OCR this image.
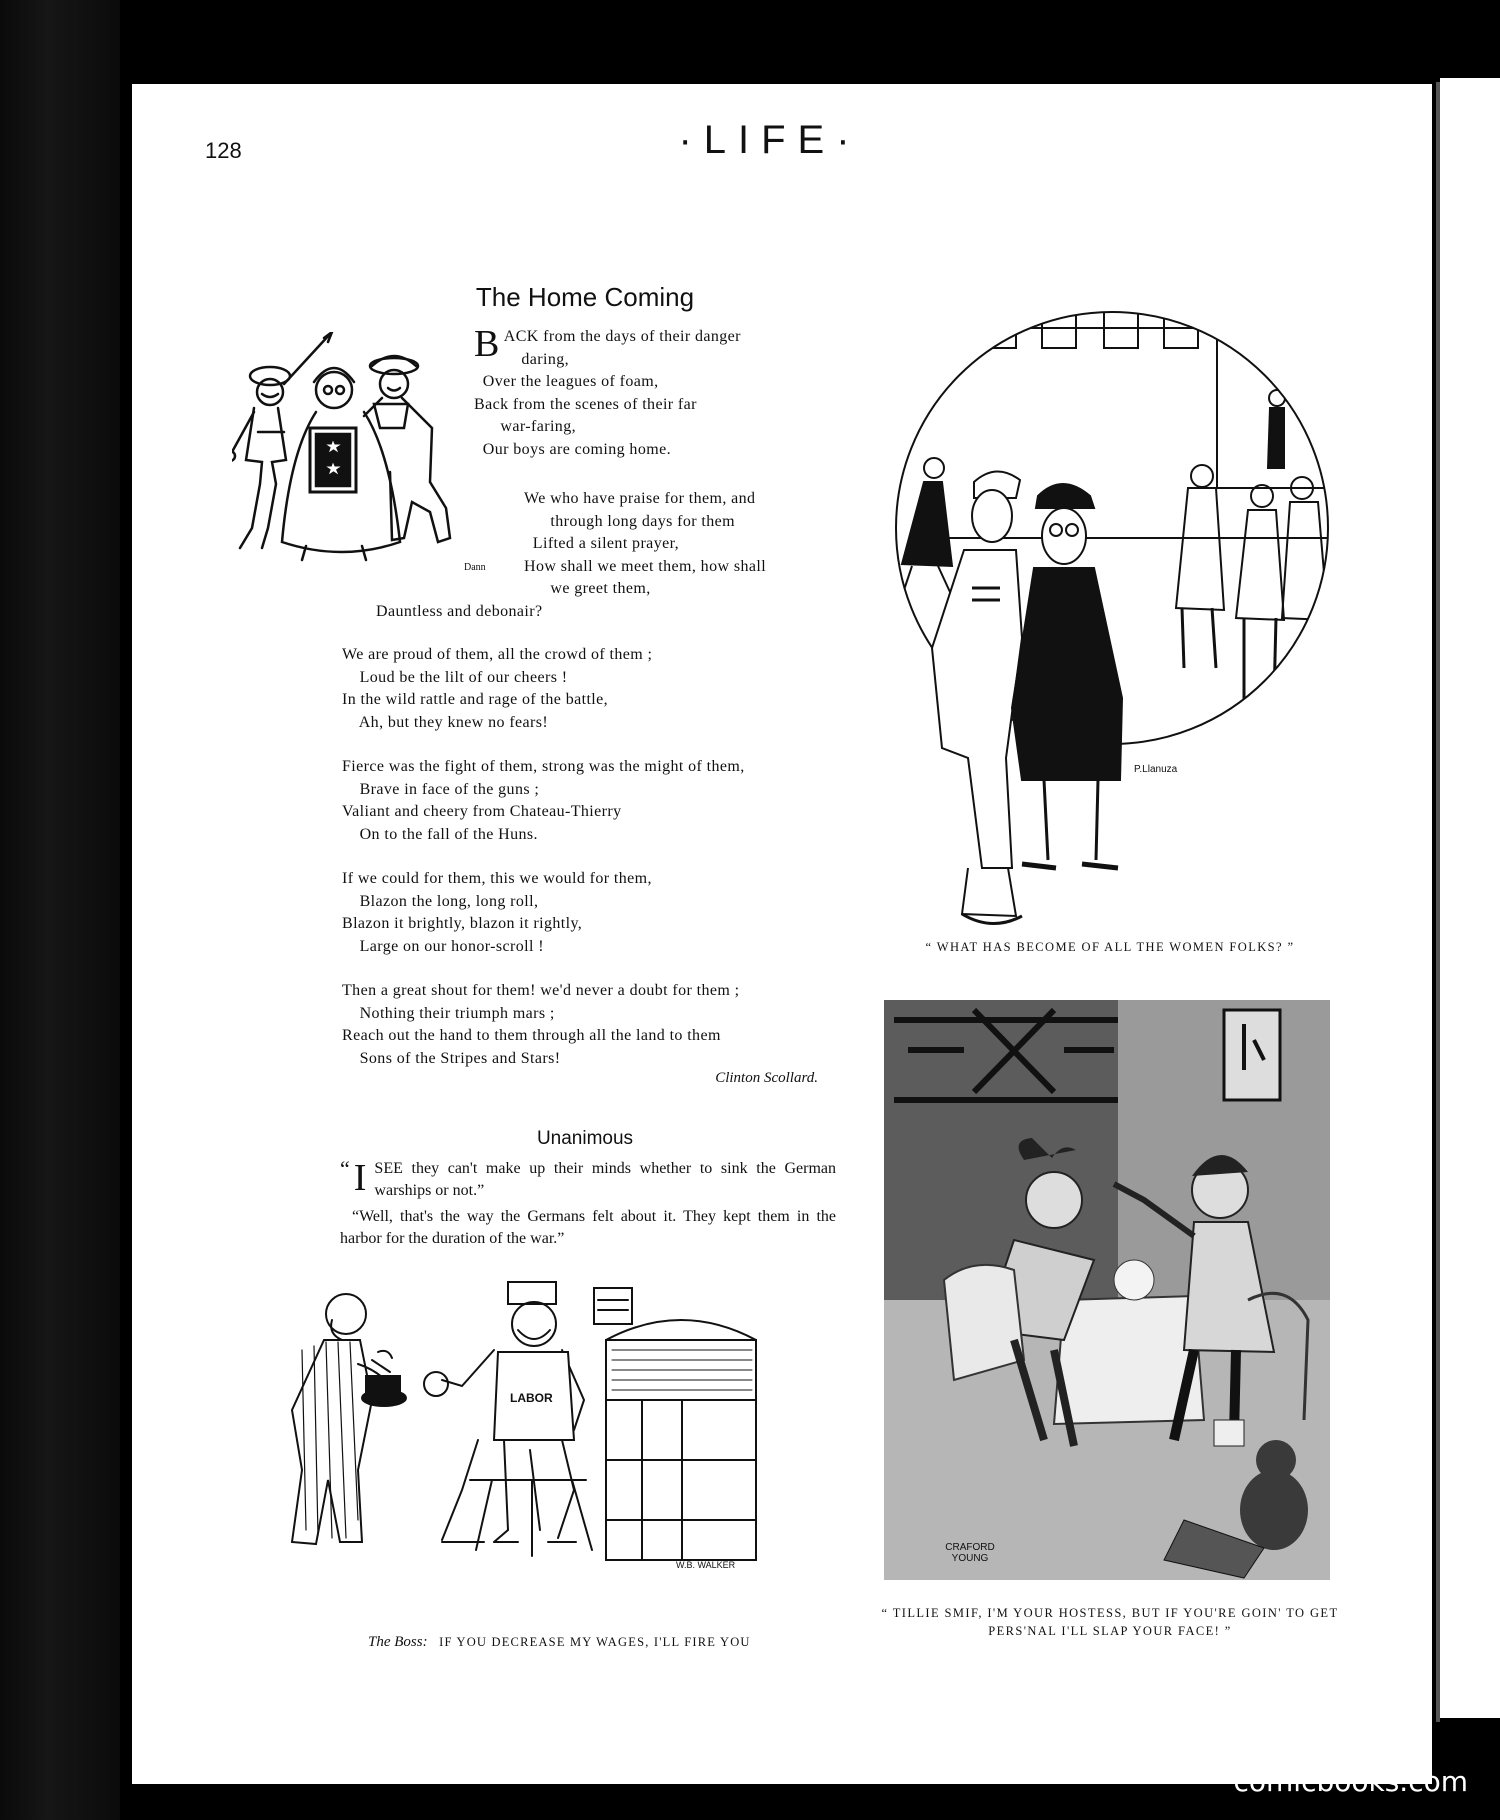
128	·LIFE·
The Home Coming
Dann
BACK from the days of their danger
daring,
Over the leagues of foam,
Back from the scenes of their far
war-faring,
Our boys are coming home.
We who have praise for them, and
through long days for them
Lifted a silent prayer,
How shall we meet them, how shall
we greet them,
Dauntless and debonair?
We are proud of them, all the crowd of them ;
Loud be the lilt of our cheers !
In the wild rattle and rage of the battle,
Ah, but they knew no fears!
Fierce was the fight of them, strong was the might of them,
Brave in face of the guns ;
Valiant and cheery from Chateau-Thierry
On to the fall of the Huns.
If we could for them, this we would for them,
Blazon the long, long roll,
Blazon it brightly, blazon it rightly,
Large on our honor-scroll !
Then a great shout for them! we'd never a doubt for them ;
Nothing their triumph mars ;
Reach out the hand to them through all the land to them
Sons of the Stripes and Stars!
Clinton Scollard.
Unanimous
“ I SEE they can't make up their minds whether to sink the German warships or not.”
“Well, that's the way the Germans felt about it. They kept them in the harbor for the duration of the war.”
LABOR
W.B. WALKER
The Boss: IF YOU DECREASE MY WAGES, I'LL FIRE YOU
P.Llanuza
“ WHAT HAS BECOME OF ALL THE WOMEN FOLKS? ”
CRAFORD YOUNG
“ TILLIE SMIF, I'M YOUR HOSTESS, BUT IF YOU'RE GOIN' TO GET
PERS'NAL I'LL SLAP YOUR FACE! ”
comicbooks.com
